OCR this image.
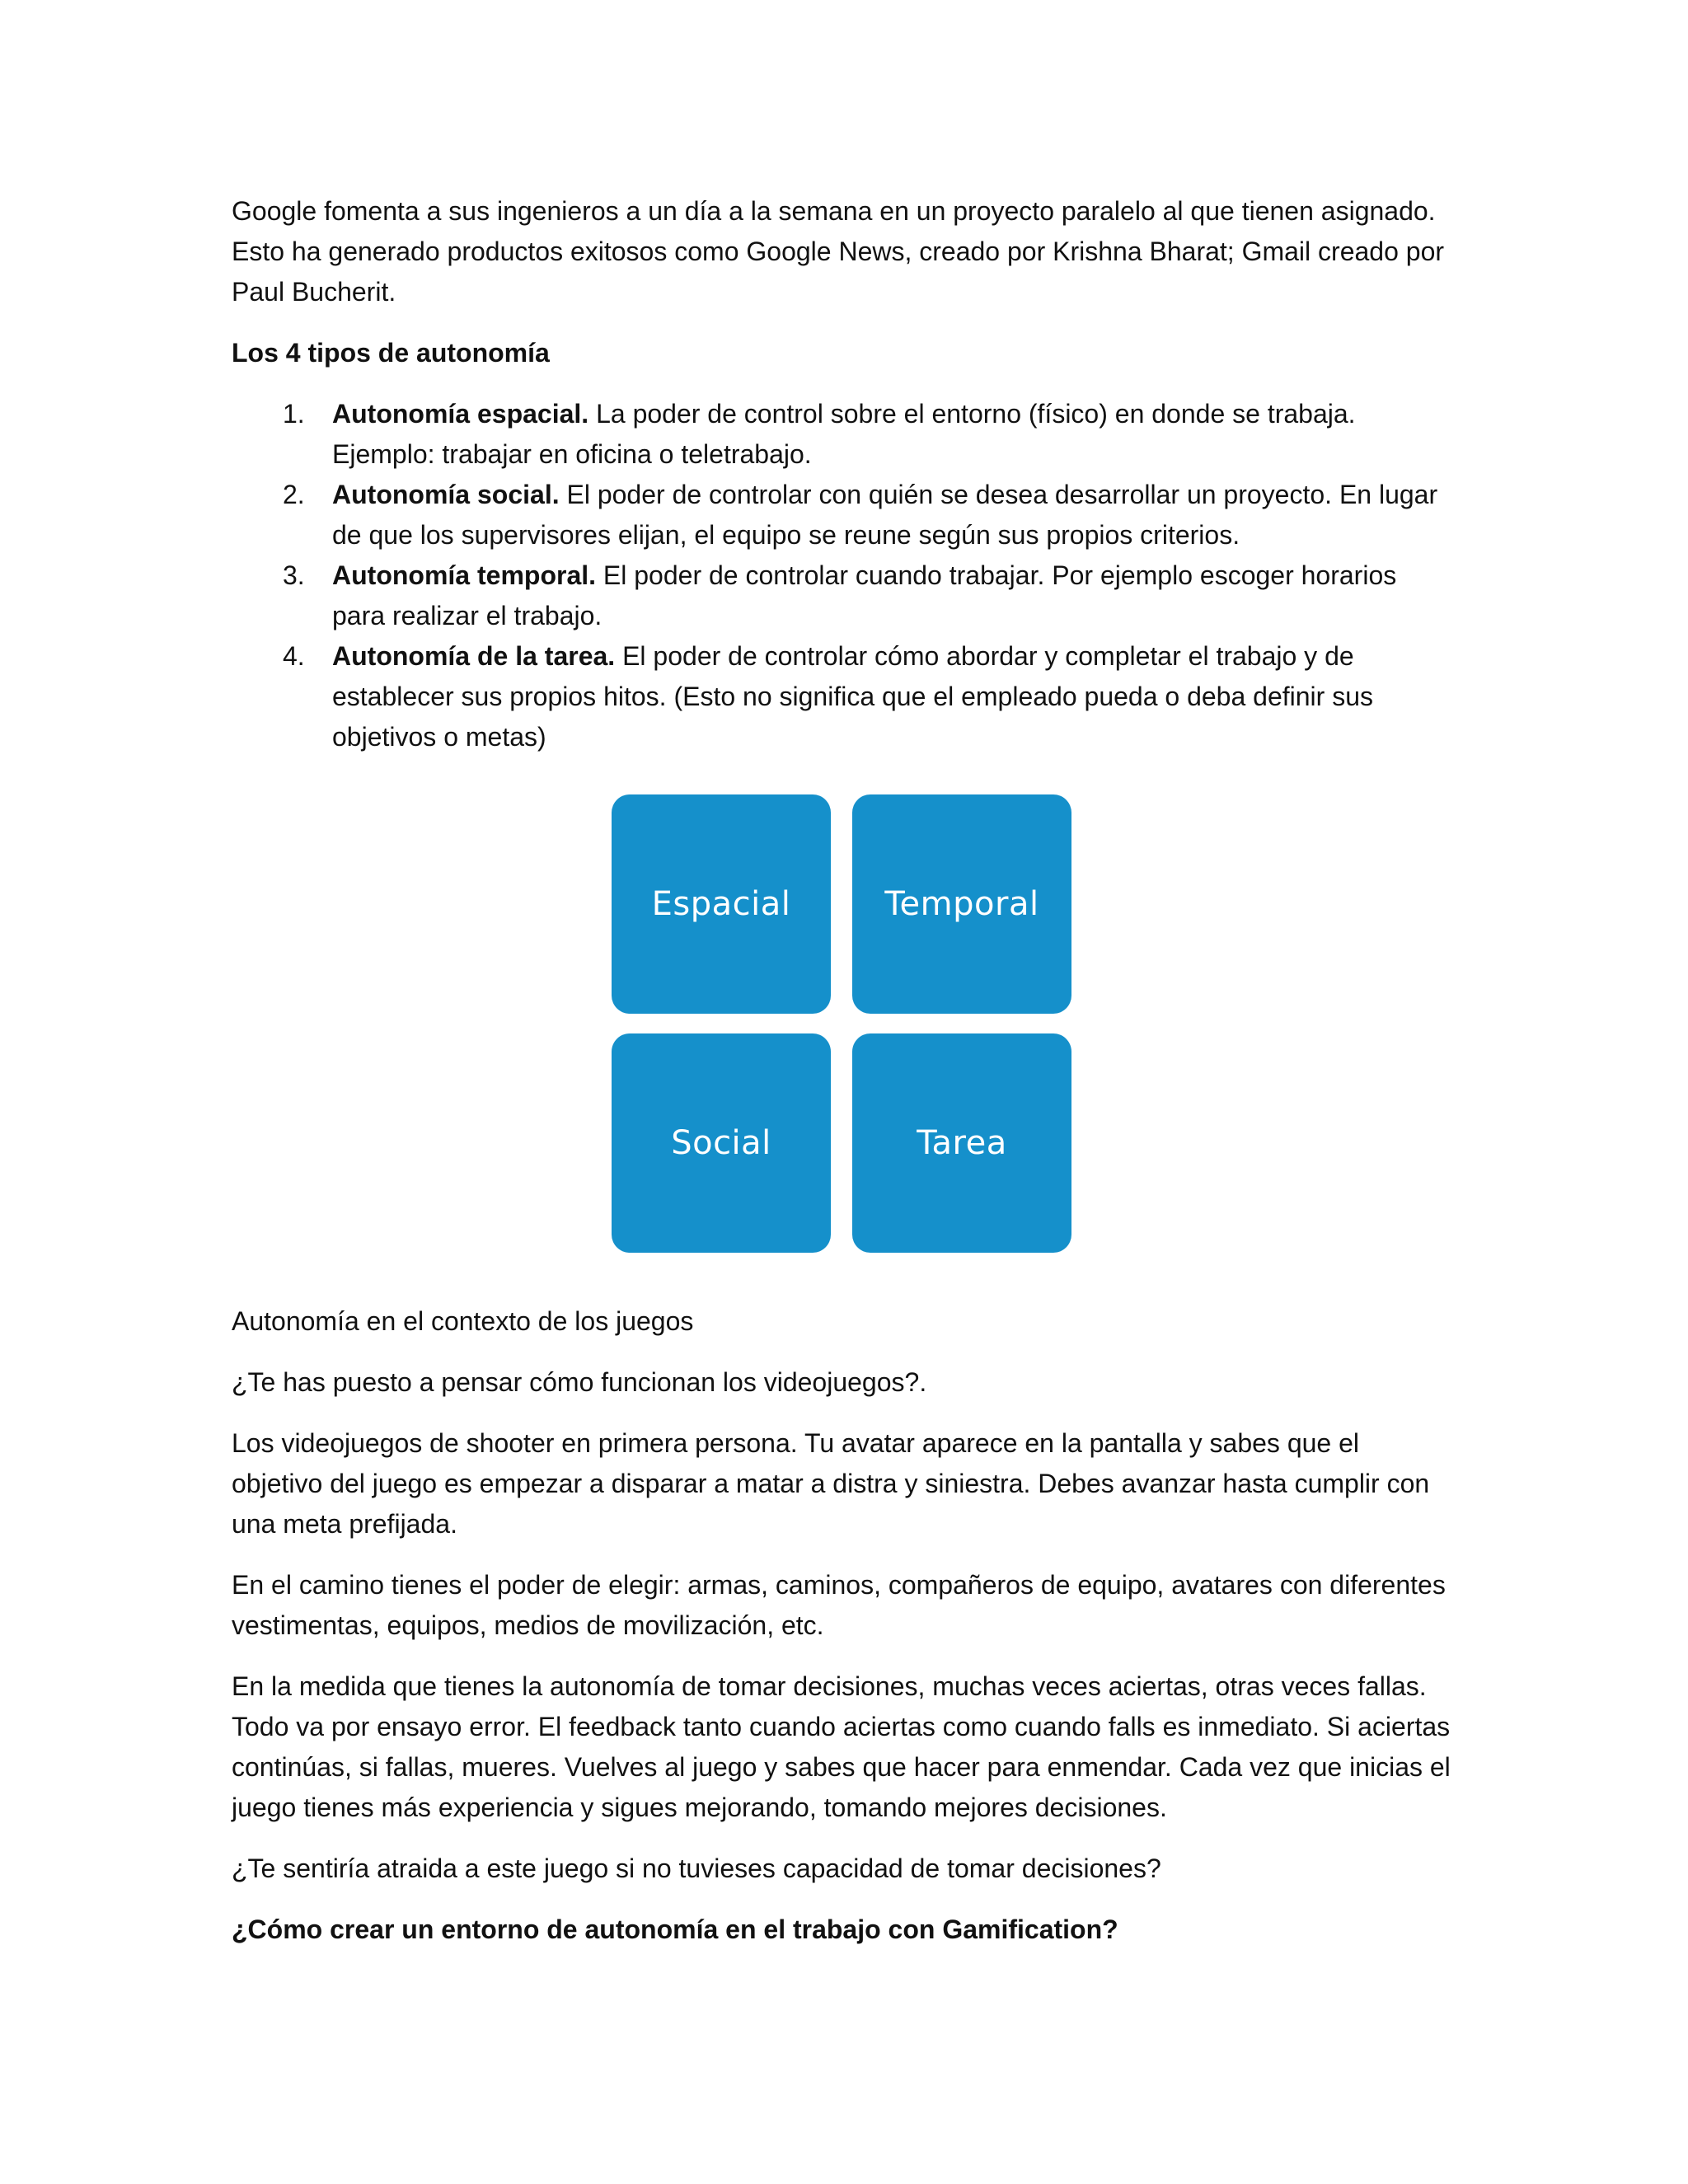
Google fomenta a sus ingenieros a un día a la semana en un proyecto paralelo al que tienen asignado. Esto ha generado productos exitosos como Google News, creado por Krishna Bharat; Gmail creado por Paul Bucherit.

Los 4 tipos de autonomía

1. Autonomía espacial. La poder de control sobre el entorno (físico) en donde se trabaja. Ejemplo: trabajar en oficina o teletrabajo.
2. Autonomía social. El poder de controlar con quién se desea desarrollar un proyecto. En lugar de que los supervisores elijan, el equipo se reune según sus propios criterios.
3. Autonomía temporal. El poder de controlar cuando trabajar. Por ejemplo escoger horarios para realizar el trabajo.
4. Autonomía de la tarea. El poder de controlar cómo abordar y completar el trabajo y de establecer sus propios hitos. (Esto no significa que el empleado pueda o deba definir sus objetivos o metas)
Espacial	Temporal
Social	Tarea

Autonomía en el contexto de los juegos

¿Te has puesto a pensar cómo funcionan los videojuegos?.

Los videojuegos de shooter en primera persona. Tu avatar aparece en la pantalla y sabes que el objetivo del juego es empezar a disparar a matar a distra y siniestra. Debes avanzar hasta cumplir con una meta prefijada.

En el camino tienes el poder de elegir: armas, caminos, compañeros de equipo, avatares con diferentes vestimentas, equipos, medios de movilización, etc.

En la medida que tienes la autonomía de tomar decisiones, muchas veces aciertas, otras veces fallas. Todo va por ensayo error. El feedback tanto cuando aciertas como cuando falls es inmediato. Si aciertas continúas, si fallas, mueres. Vuelves al juego y sabes que hacer para enmendar. Cada vez que inicias el juego tienes más experiencia y sigues mejorando, tomando mejores decisiones.

¿Te sentiría atraida a este juego si no tuvieses capacidad de tomar decisiones?

¿Cómo crear un entorno de autonomía en el trabajo con Gamification?
